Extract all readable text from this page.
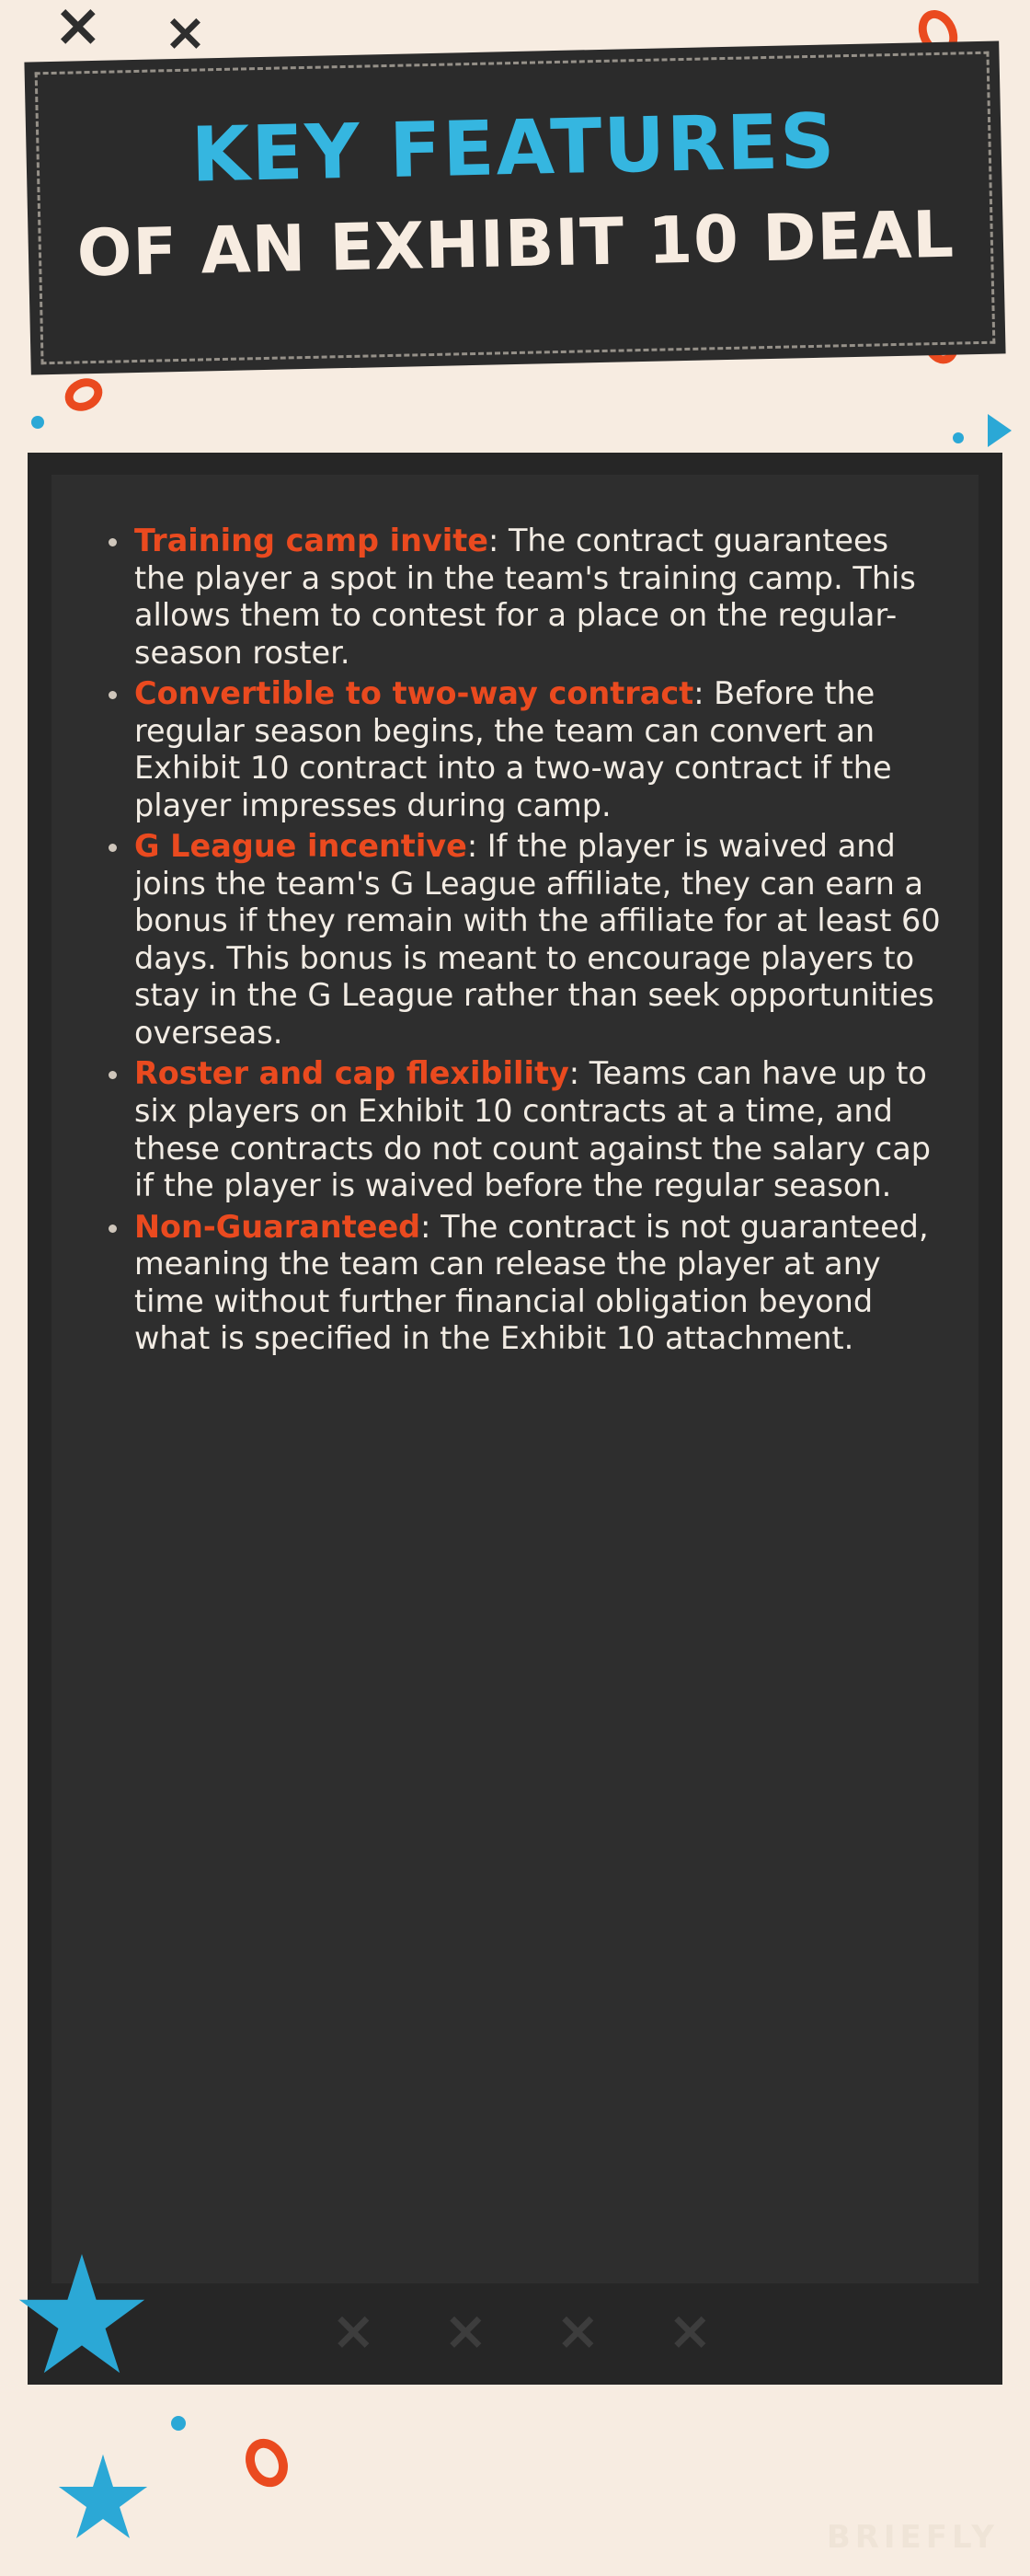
× ×
KEY FEATURES
OF AN EXHIBIT 10 DEAL
Training camp invite: The contract guarantees the player a spot in the team's training camp. This allows them to contest for a place on the regular-season roster.
Convertible to two-way contract: Before the regular season begins, the team can convert an Exhibit 10 contract into a two-way contract if the player impresses during camp.
G League incentive: If the player is waived and joins the team's G League affiliate, they can earn a bonus if they remain with the affiliate for at least 60 days. This bonus is meant to encourage players to stay in the G League rather than seek opportunities overseas.
Roster and cap flexibility: Teams can have up to six players on Exhibit 10 contracts at a time, and these contracts do not count against the salary cap if the player is waived before the regular season.
Non-Guaranteed: The contract is not guaranteed, meaning the team can release the player at any time without further financial obligation beyond what is specified in the Exhibit 10 attachment.
× × × ×
BRIEFLY
